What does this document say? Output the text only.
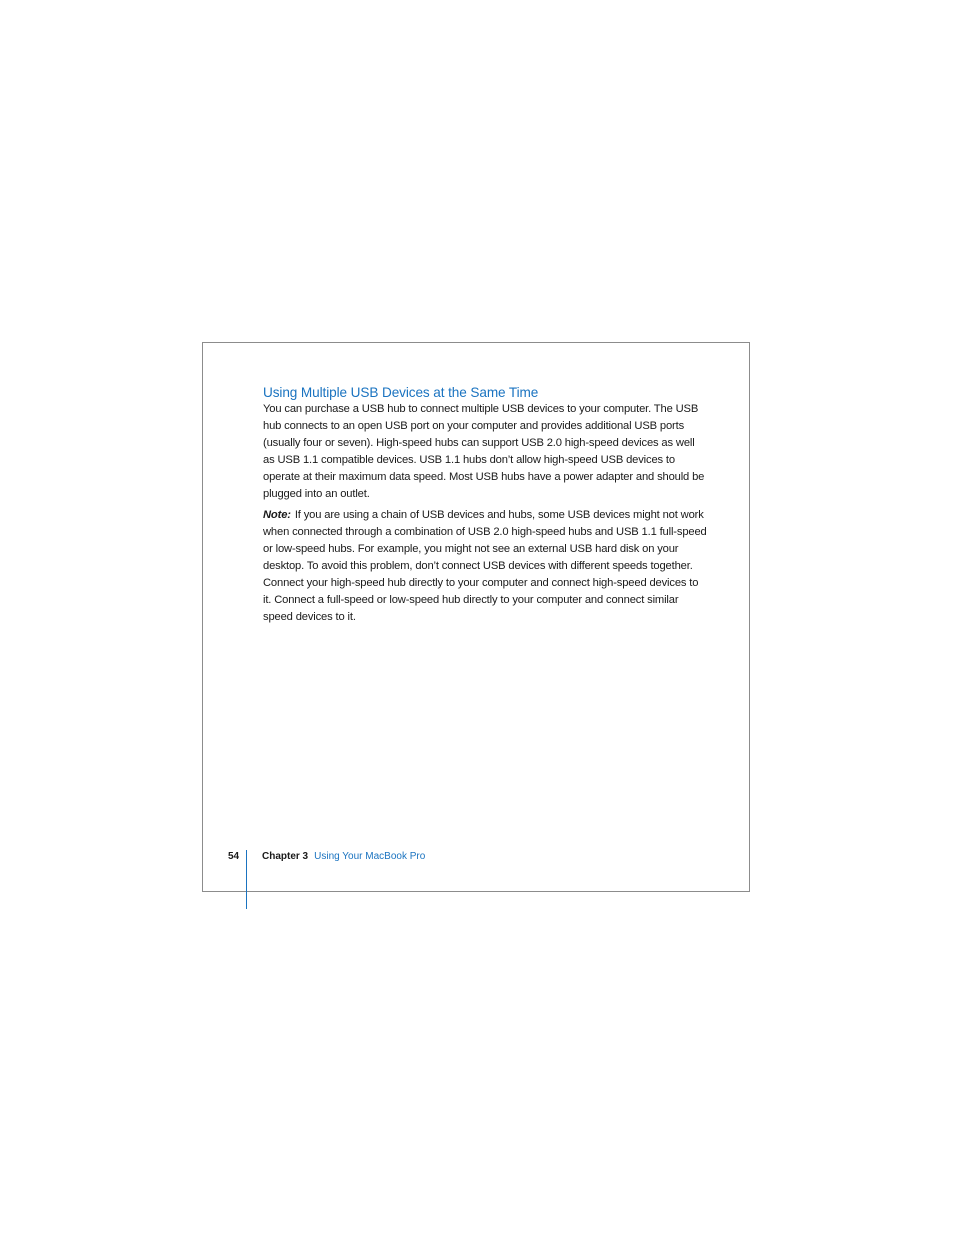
Using Multiple USB Devices at the Same Time

You can purchase a USB hub to connect multiple USB devices to your computer. The USB hub connects to an open USB port on your computer and provides additional USB ports (usually four or seven). High-speed hubs can support USB 2.0 high-speed devices as well as USB 1.1 compatible devices. USB 1.1 hubs don’t allow high-speed USB devices to operate at their maximum data speed. Most USB hubs have a power adapter and should be plugged into an outlet.

Note: If you are using a chain of USB devices and hubs, some USB devices might not work when connected through a combination of USB 2.0 high-speed hubs and USB 1.1 full-speed or low-speed hubs. For example, you might not see an external USB hard disk on your desktop. To avoid this problem, don’t connect USB devices with different speeds together. Connect your high-speed hub directly to your computer and connect high-speed devices to it. Connect a full-speed or low-speed hub directly to your computer and connect similar speed devices to it.

54 Chapter 3 Using Your MacBook Pro
